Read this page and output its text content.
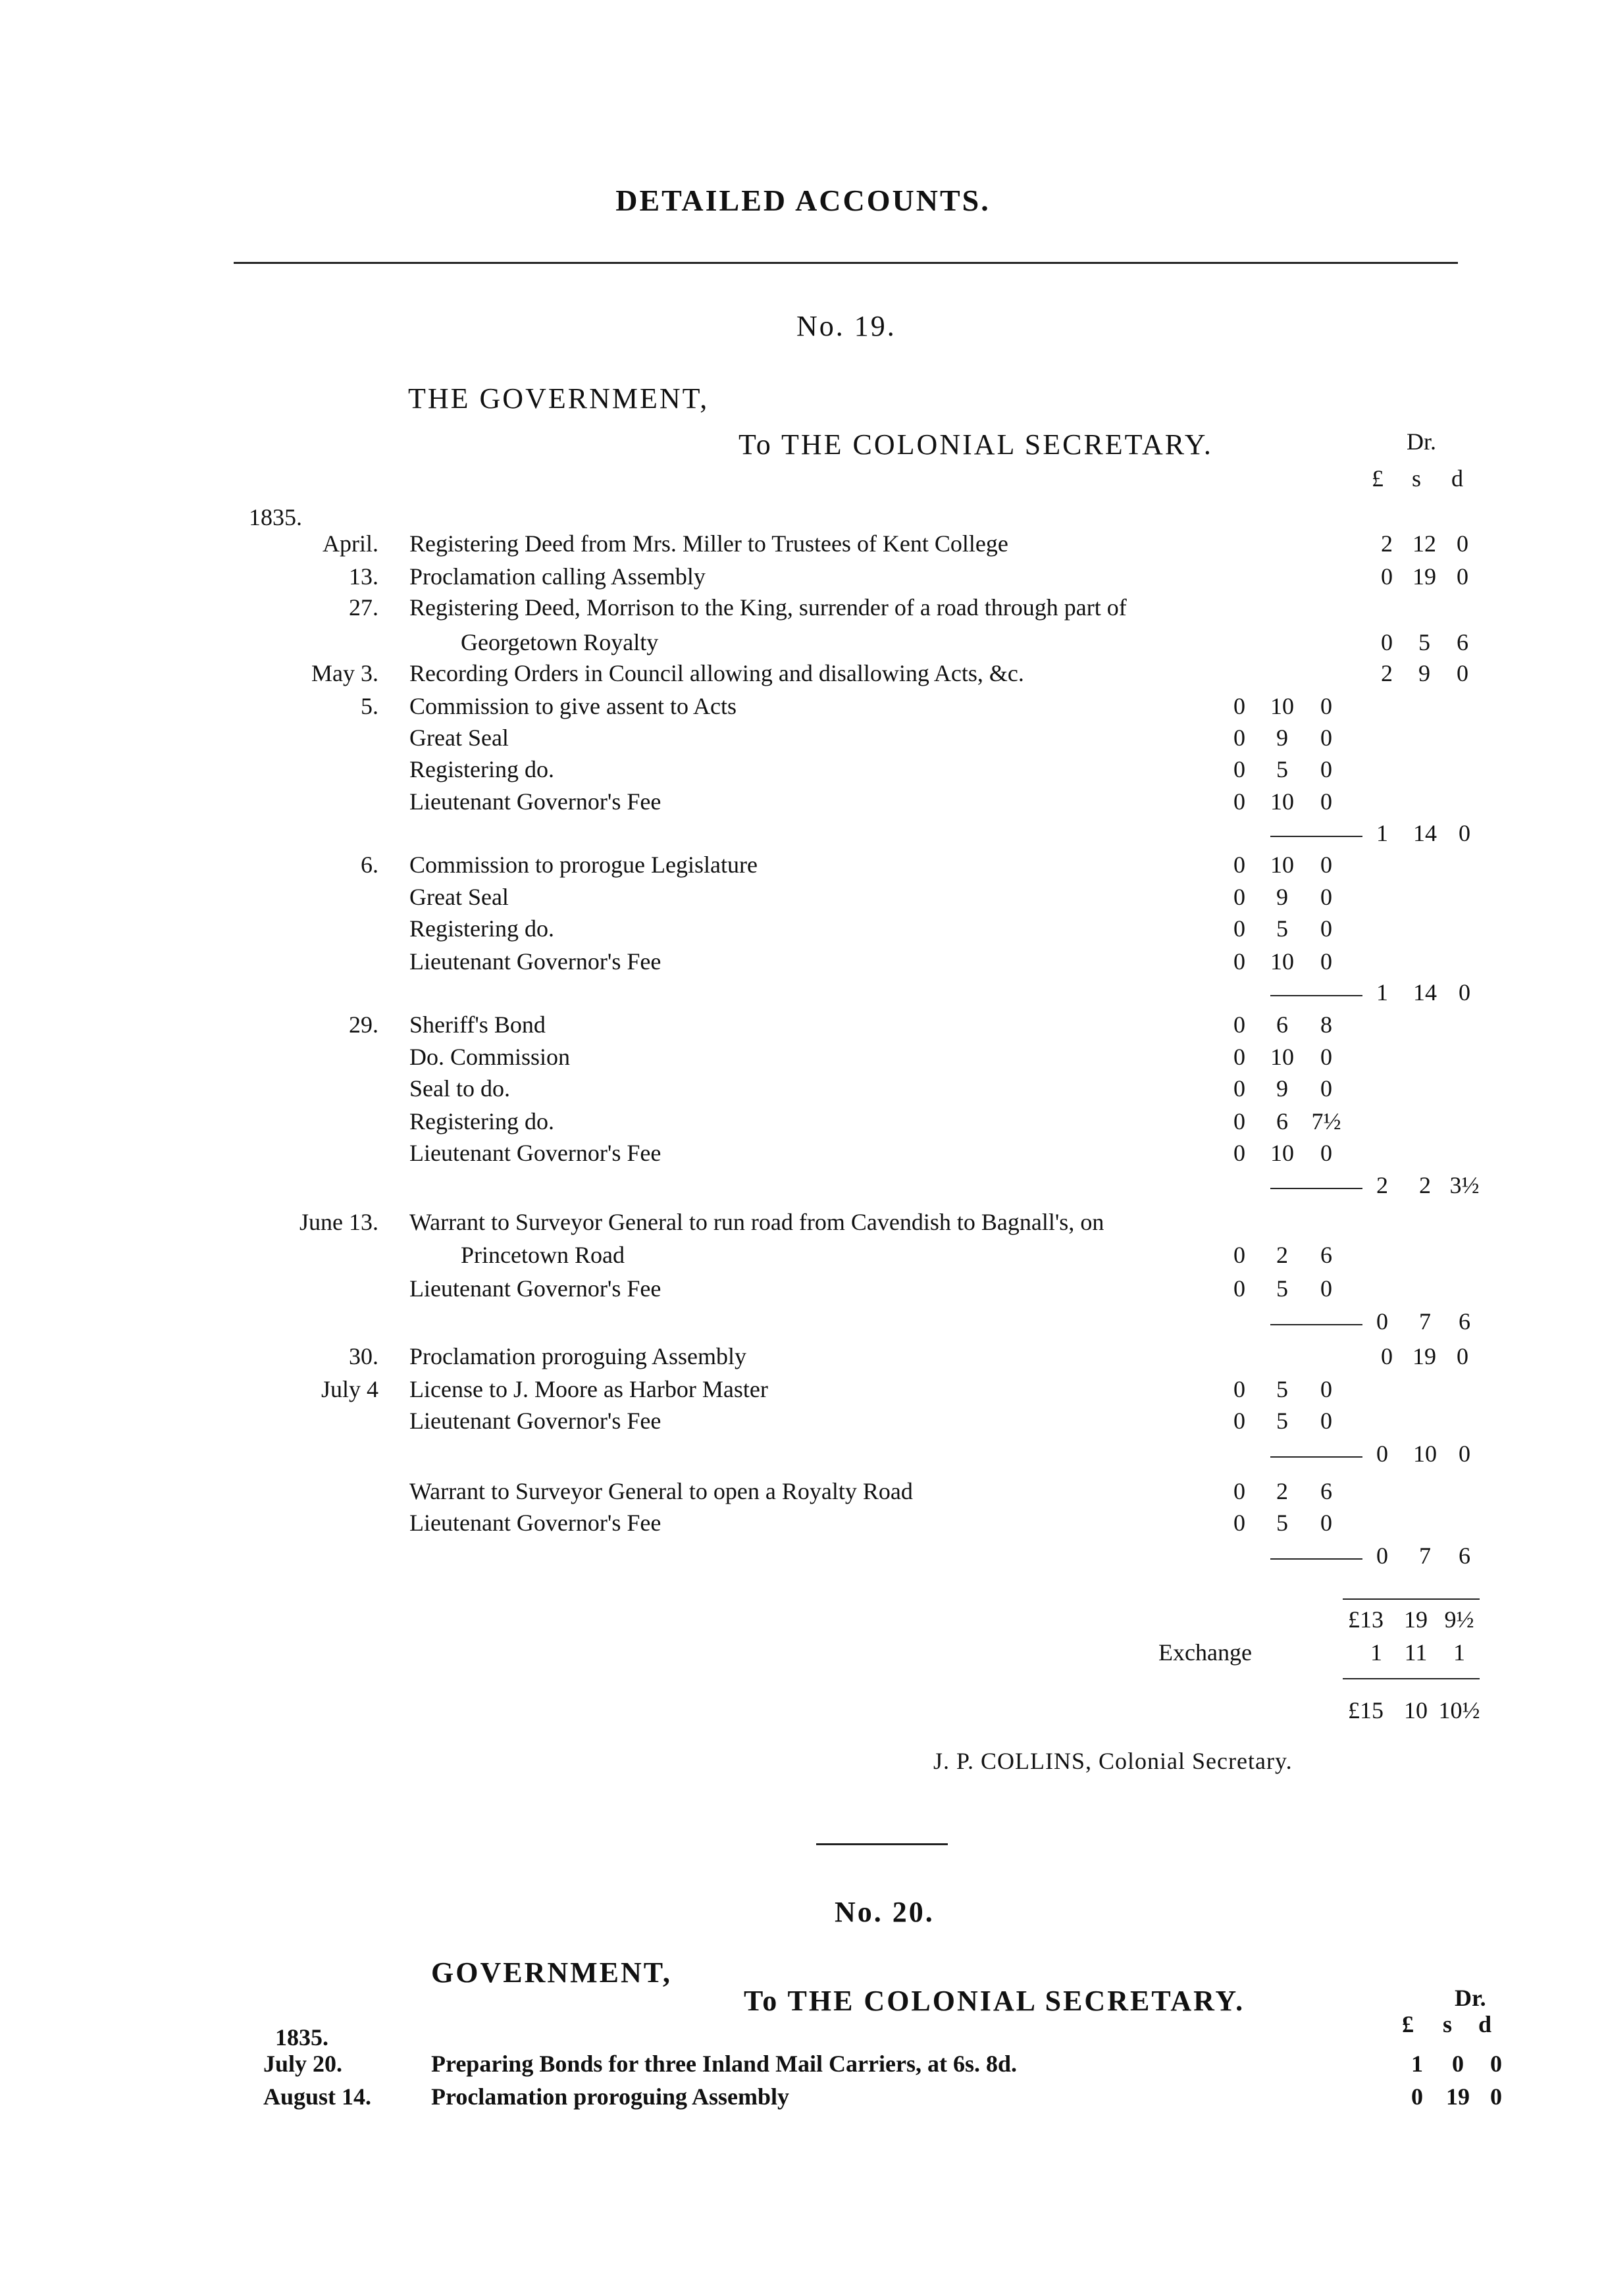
DETAILED ACCOUNTS.
No. 19.
THE GOVERNMENT,
To THE COLONIAL SECRETARY.	Dr.
£ s d
1835.
April. Registering Deed from Mrs. Miller to Trustees of Kent College	2 12 0
13. Proclamation calling Assembly	0 19 0
27. Registering Deed, Morrison to the King, surrender of a road through part of
Georgetown Royalty	0	5	6
May 3. Recording Orders in Council allowing and disallowing Acts, &c.	2	9	0
5. Commission to give assent to Acts	0	10	0
Great Seal	0	9	0
Registering do.	0	5	0
Lieutenant Governor's Fee	0	10	0
1	14 0
6. Commission to prorogue Legislature	0	10	0
Great Seal	0	9	0
Registering do.	0	5	0
Lieutenant Governor's Fee	0	10	0
1	14 0
29. Sheriff's Bond	0	6	8
Do. Commission	0	10	0
Seal to do.	0	9	0
Registering do.	0	6 7½
Lieutenant Governor's Fee	0	10	0
2	2 3½
June 13. Warrant to Surveyor General to run road from Cavendish to Bagnall's, on
Princetown Road	0	2	6
Lieutenant Governor's Fee	0	5	0
0	7	6
30. Proclamation proroguing Assembly	0 19 0
July 4 License to J. Moore as Harbor Master	0	5	0
Lieutenant Governor's Fee	0	5	0
0	10 0
Warrant to Surveyor General to open a Royalty Road	0	2	6
Lieutenant Governor's Fee	0	5	0
0	7	6
£13 19 9½
Exchange	1 11	1
£15 10 10½
J. P. COLLINS, Colonial Secretary.
No. 20.
GOVERNMENT,
To THE COLONIAL SECRETARY.	Dr.
£ s d
1835.
July 20.	Preparing Bonds for three Inland Mail Carriers, at 6s. 8d.	1	0	0
August 14.	Proclamation proroguing Assembly	0 19 0
